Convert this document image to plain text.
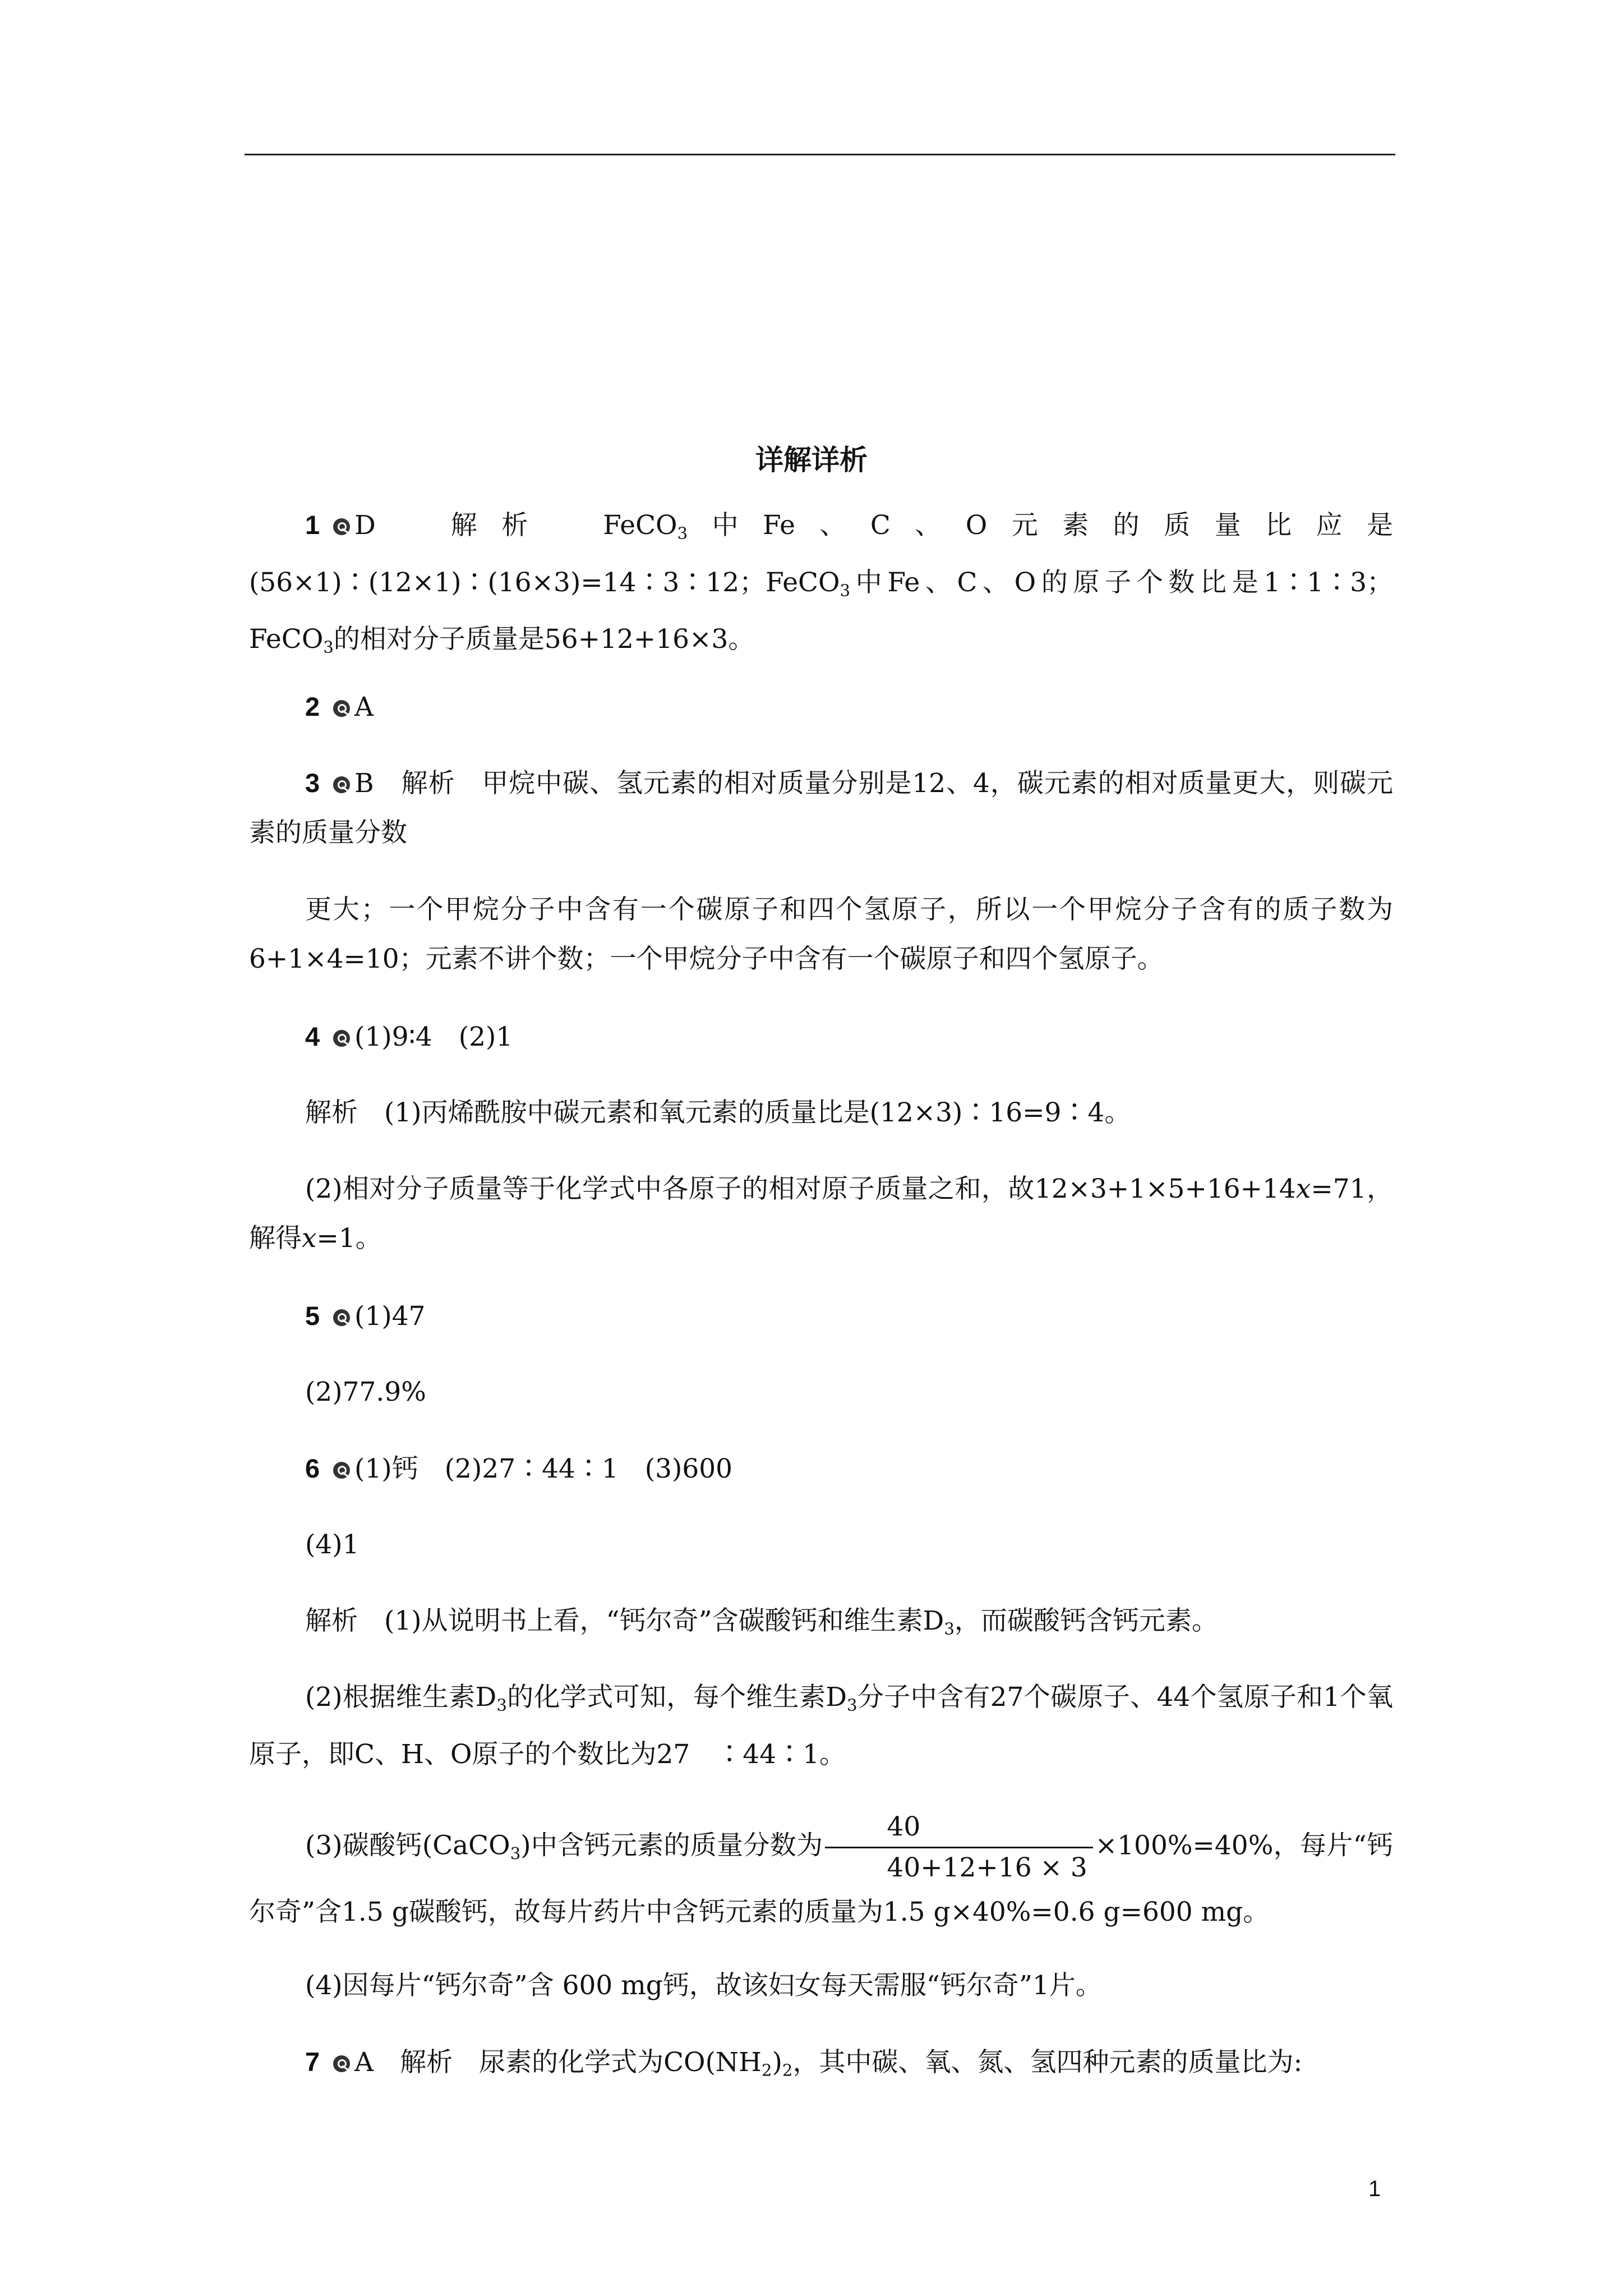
详解详析
1 D　	解析　 FeCO$_3$中Fe、C、O元素的质量比应是(56×1)∶(12×1)∶(16×3)=14∶3∶12；FeCO$_3$中Fe、C、O的原子个数比是1∶1∶3；FeCO$_3$的相对分子质量是56+12+16×3。
2 A
3 B　 解析　 甲烷中碳、氢元素的相对质量分别是12、4，碳元素的相对质量更大，则碳元素的质量分数
更大；一个甲烷分子中含有一个碳原子和四个氢原子，所以一个甲烷分子含有的质子数为6+1×4=10；元素不讲个数；一个甲烷分子中含有一个碳原子和四个氢原子。
4 (1)9∶4　(2)1
解析　(1)丙烯酰胺中碳元素和氧元素的质量比是(12×3)∶16=9∶4。
(2)相对分子质量等于化学式中各原子的相对原子质量之和，故12×3+1×5+16+14x=71，解得x=1。
5 (1)47
(2)77.9%
6 (1)钙　(2)27∶44∶1　(3)600
(4)1
解析　(1)从说明书上看，“钙尔奇”含碳酸钙和维生素$D_3$，而碳酸钙含钙元素。
(2)根据维生素$D_3$的化学式可知，每个维生素$D_3$分子中含有27个碳原子、44个氢原子和1个氧原子，即C、H、O原子的个数比为27　∶44∶1。
(3)碳酸钙(CaCO$_3$)中含钙元素的质量分数为 $\frac{40}{40+12+16 \times 3} \times 100\%=40\%$，每片“钙尔奇”含1.5 g碳酸钙，故每片药片中含钙元素的质量为1.5 g×40%=0.6 g=600 mg。
(4)因每片“钙尔奇”含 600 mg钙，故该妇女每天需服“钙尔奇”1片。
7 A　 解析　 尿素的化学式为$CO(NH_2)_2$，其中碳、氧、氮、氢四种元素的质量比为:
1
